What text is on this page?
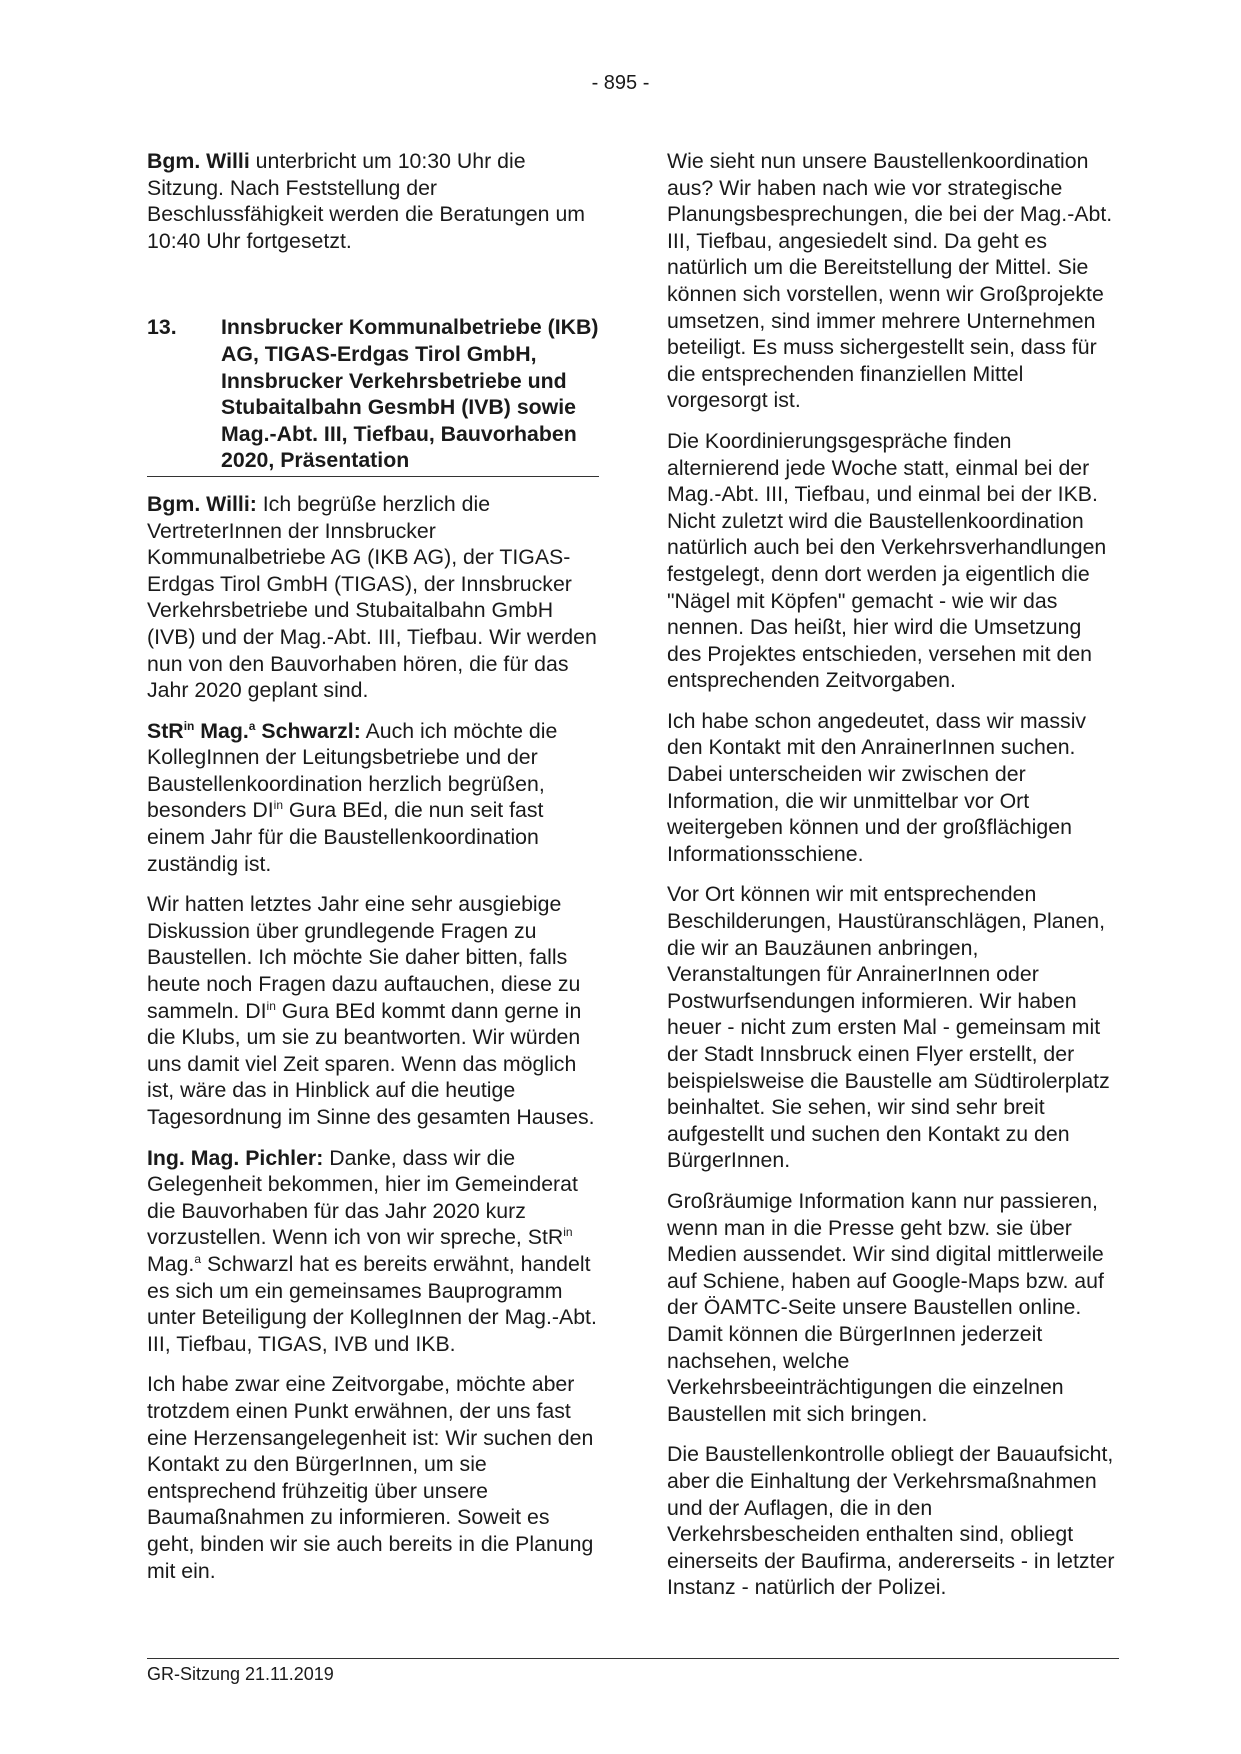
- 895 -

Bgm. Willi unterbricht um 10:30 Uhr die Sitzung. Nach Feststellung der Beschlussfähigkeit werden die Beratungen um 10:40 Uhr fortgesetzt.

13.	Innsbrucker Kommunalbetriebe (IKB) AG, TIGAS-Erdgas Tirol GmbH, Innsbrucker Verkehrsbetriebe und Stubaitalbahn GesmbH (IVB) sowie Mag.-Abt. III, Tiefbau, Bauvorhaben 2020, Präsentation

Bgm. Willi: Ich begrüße herzlich die VertreterInnen der Innsbrucker Kommunalbetriebe AG (IKB AG), der TIGAS-Erdgas Tirol GmbH (TIGAS), der Innsbrucker Verkehrsbetriebe und Stubaitalbahn GmbH (IVB) und der Mag.-Abt. III, Tiefbau. Wir werden nun von den Bauvorhaben hören, die für das Jahr 2020 geplant sind.

StR$^{in}$ Mag.$^a$ Schwarzl: Auch ich möchte die KollegInnen der Leitungsbetriebe und der Baustellenkoordination herzlich begrüßen, besonders $DI^{in}$ Gura BEd, die nun seit fast einem Jahr für die Baustellenkoordination zuständig ist.

Wir hatten letztes Jahr eine sehr ausgiebige Diskussion über grundlegende Fragen zu Baustellen. Ich möchte Sie daher bitten, falls heute noch Fragen dazu auftauchen, diese zu sammeln. $DI^{in}$ Gura BEd kommt dann gerne in die Klubs, um sie zu beantworten. Wir würden uns damit viel Zeit sparen. Wenn das möglich ist, wäre das in Hinblick auf die heutige Tagesordnung im Sinne des gesamten Hauses.

Ing. Mag. Pichler: Danke, dass wir die Gelegenheit bekommen, hier im Gemeinderat die Bauvorhaben für das Jahr 2020 kurz vorzustellen. Wenn ich von wir spreche, StR$^{in}$ Mag.$^a$ Schwarzl hat es bereits erwähnt, handelt es sich um ein gemeinsames Bauprogramm unter Beteiligung der KollegInnen der Mag.-Abt. III, Tiefbau, TIGAS, IVB und IKB.

Ich habe zwar eine Zeitvorgabe, möchte aber trotzdem einen Punkt erwähnen, der uns fast eine Herzensangelegenheit ist: Wir suchen den Kontakt zu den BürgerInnen, um sie entsprechend frühzeitig über unsere Baumaßnahmen zu informieren. Soweit es geht, binden wir sie auch bereits in die Planung mit ein.

Wie sieht nun unsere Baustellenkoordination aus? Wir haben nach wie vor strategische Planungsbesprechungen, die bei der Mag.-Abt. III, Tiefbau, angesiedelt sind. Da geht es natürlich um die Bereitstellung der Mittel. Sie können sich vorstellen, wenn wir Großprojekte umsetzen, sind immer mehrere Unternehmen beteiligt. Es muss sichergestellt sein, dass für die entsprechenden finanziellen Mittel vorgesorgt ist.

Die Koordinierungsgespräche finden alternierend jede Woche statt, einmal bei der Mag.-Abt. III, Tiefbau, und einmal bei der IKB. Nicht zuletzt wird die Baustellenkoordination natürlich auch bei den Verkehrsverhandlungen festgelegt, denn dort werden ja eigentlich die "Nägel mit Köpfen" gemacht - wie wir das nennen. Das heißt, hier wird die Umsetzung des Projektes entschieden, versehen mit den entsprechenden Zeitvorgaben.

Ich habe schon angedeutet, dass wir massiv den Kontakt mit den AnrainerInnen suchen. Dabei unterscheiden wir zwischen der Information, die wir unmittelbar vor Ort weitergeben können und der großflächigen Informationsschiene.

Vor Ort können wir mit entsprechenden Beschilderungen, Haustüranschlägen, Planen, die wir an Bauzäunen anbringen, Veranstaltungen für AnrainerInnen oder Postwurfsendungen informieren. Wir haben heuer - nicht zum ersten Mal - gemeinsam mit der Stadt Innsbruck einen Flyer erstellt, der beispielsweise die Baustelle am Südtirolerplatz beinhaltet. Sie sehen, wir sind sehr breit aufgestellt und suchen den Kontakt zu den BürgerInnen.

Großräumige Information kann nur passieren, wenn man in die Presse geht bzw. sie über Medien aussendet. Wir sind digital mittlerweile auf Schiene, haben auf Google-Maps bzw. auf der ÖAMTC-Seite unsere Baustellen online. Damit können die BürgerInnen jederzeit nachsehen, welche Verkehrsbeeinträchtigungen die einzelnen Baustellen mit sich bringen.

Die Baustellenkontrolle obliegt der Bauaufsicht, aber die Einhaltung der Verkehrsmaßnahmen und der Auflagen, die in den Verkehrsbescheiden enthalten sind, obliegt einerseits der Baufirma, andererseits - in letzter Instanz - natürlich der Polizei.

GR-Sitzung 21.11.2019
